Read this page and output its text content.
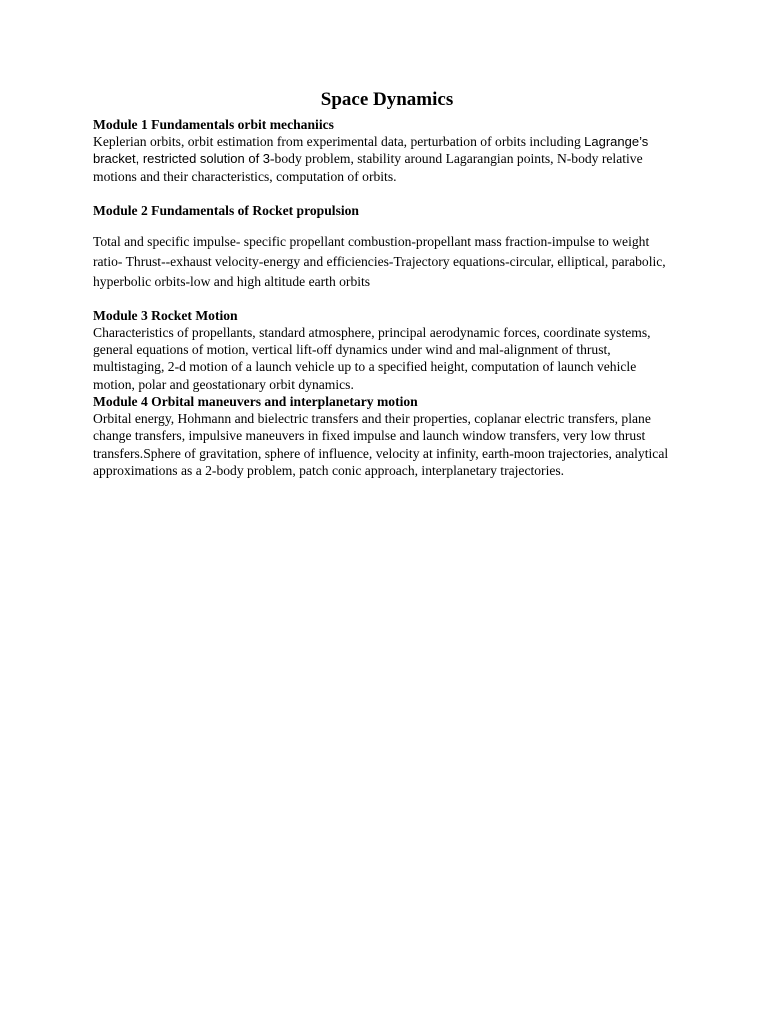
Space Dynamics
Module 1 Fundamentals orbit mechaniics

Keplerian orbits, orbit estimation from experimental data, perturbation of orbits including Lagrange’s bracket, restricted solution of 3-body problem, stability around Lagarangian points, N-body relative motions and their characteristics, computation of orbits.

Module 2 Fundamentals of Rocket propulsion

Total and specific impulse- specific propellant combustion-propellant mass fraction-impulse to weight ratio- Thrust--exhaust velocity-energy and efficiencies-Trajectory equations-circular, elliptical, parabolic, hyperbolic orbits-low and high altitude earth orbits

Module 3 Rocket Motion

Characteristics of propellants, standard atmosphere, principal aerodynamic forces, coordinate systems, general equations of motion, vertical lift-off dynamics under wind and mal-alignment of thrust, multistaging, 2-d motion of a launch vehicle up to a specified height, computation of launch vehicle motion, polar and geostationary orbit dynamics.

Module 4 Orbital maneuvers and interplanetary motion

Orbital energy, Hohmann and bielectric transfers and their properties, coplanar electric transfers, plane change transfers, impulsive maneuvers in fixed impulse and launch window transfers, very low thrust transfers.Sphere of gravitation, sphere of influence, velocity at infinity, earth-moon trajectories, analytical approximations as a 2-body problem, patch conic approach, interplanetary trajectories.
